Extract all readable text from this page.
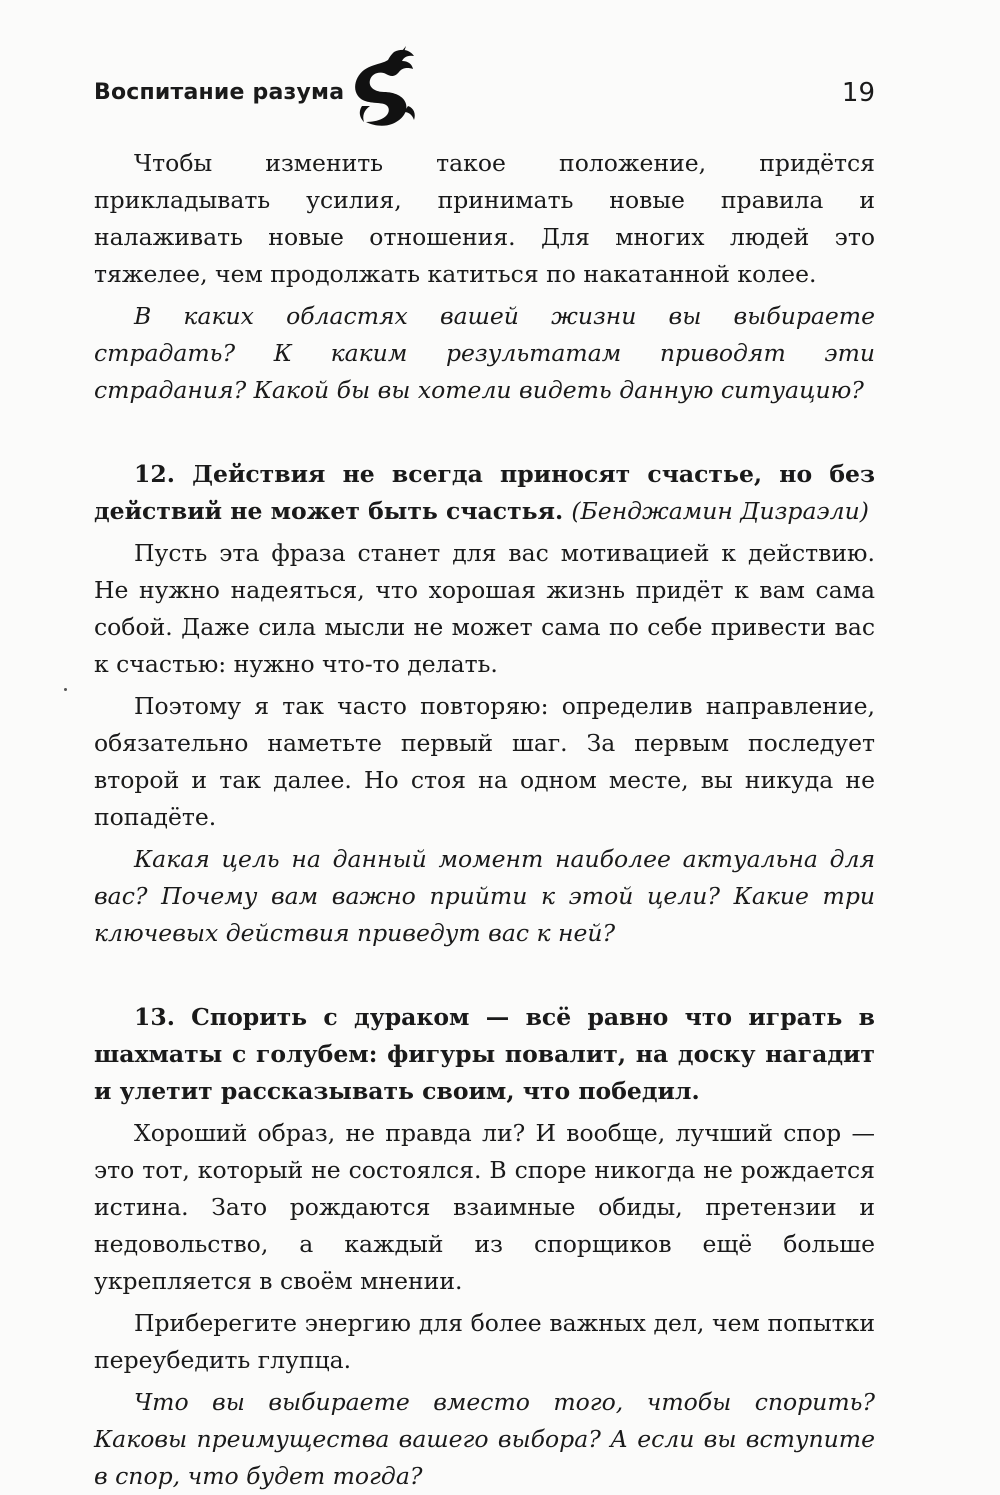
Воспитание разума	19

Чтобы изменить такое положение, придётся прикладывать усилия, принимать новые правила и налаживать новые отношения. Для многих людей это тяжелее, чем продолжать катиться по накатанной колее.

В каких областях вашей жизни вы выбираете страдать? К каким результатам приводят эти страдания? Какой бы вы хотели видеть данную ситуацию?

12. Действия не всегда приносят счастье, но без действий не может быть счастья. (Бенджамин Дизраэли)

Пусть эта фраза станет для вас мотивацией к действию. Не нужно надеяться, что хорошая жизнь придёт к вам сама собой. Даже сила мысли не может сама по себе привести вас к счастью: нужно что-то делать.

Поэтому я так часто повторяю: определив направление, обязательно наметьте первый шаг. За первым последует второй и так далее. Но стоя на одном месте, вы никуда не попадёте.

Какая цель на данный момент наиболее актуальна для вас? Почему вам важно прийти к этой цели? Какие три ключевых действия приведут вас к ней?

13. Спорить с дураком — всё равно что играть в шахматы с голубем: фигуры повалит, на доску нагадит и улетит рассказывать своим, что победил.

Хороший образ, не правда ли? И вообще, лучший спор — это тот, который не состоялся. В споре никогда не рождается истина. Зато рождаются взаимные обиды, претензии и недовольство, а каждый из спорщиков ещё больше укрепляется в своём мнении.

Приберегите энергию для более важных дел, чем попытки переубедить глупца.

Что вы выбираете вместо того, чтобы спорить? Каковы преимущества вашего выбора? А если вы вступите в спор, что будет тогда?
